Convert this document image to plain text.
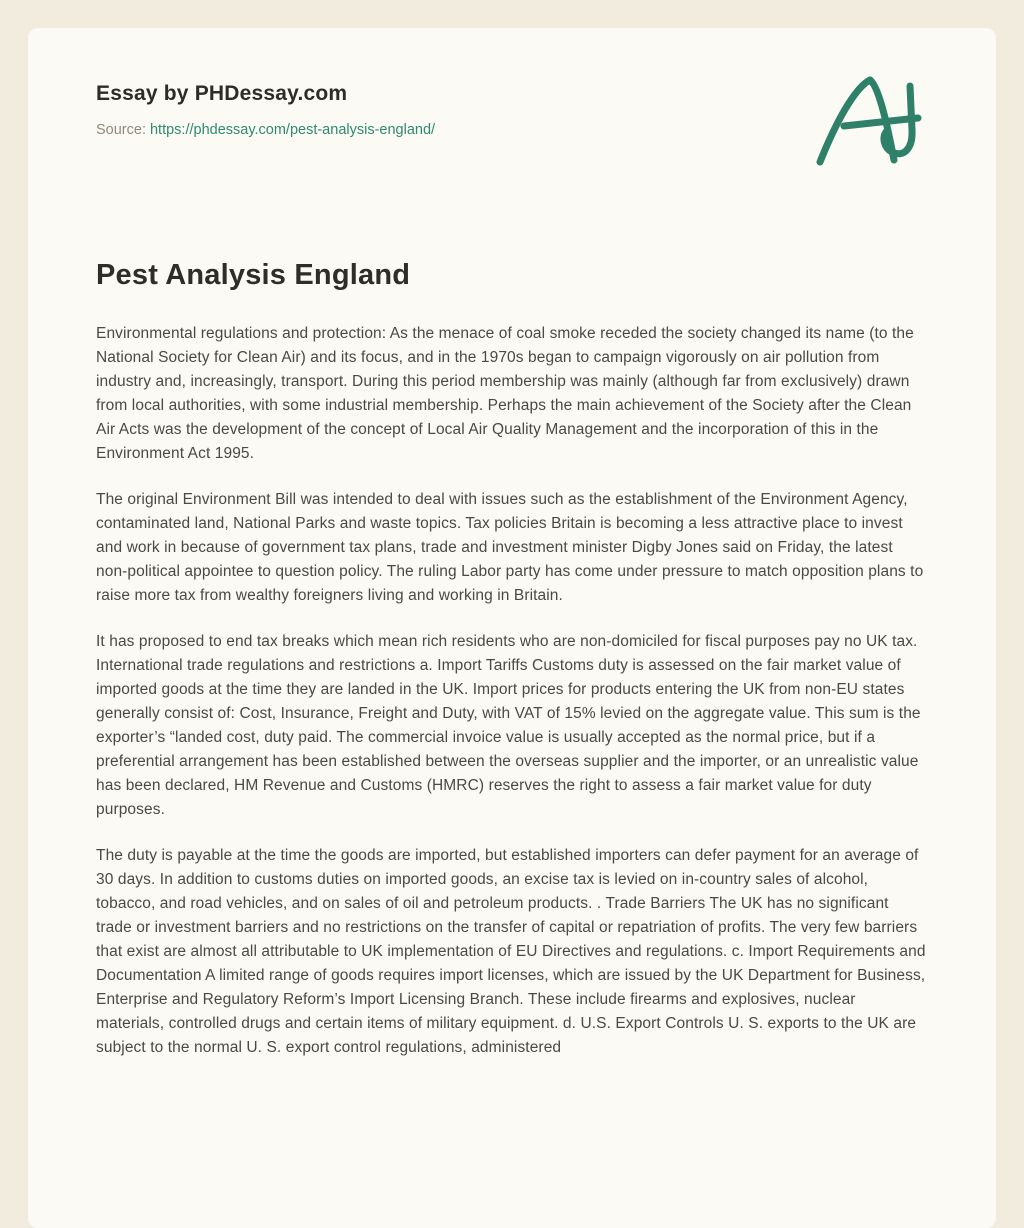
Essay by PHDessay.com
Source: https://phdessay.com/pest-analysis-england/
Pest Analysis England

Environmental regulations and protection: As the menace of coal smoke receded the society changed its name (to the National Society for Clean Air) and its focus, and in the 1970s began to campaign vigorously on air pollution from industry and, increasingly, transport. During this period membership was mainly (although far from exclusively) drawn from local authorities, with some industrial membership. Perhaps the main achievement of the Society after the Clean Air Acts was the development of the concept of Local Air Quality Management and the incorporation of this in the Environment Act 1995.

The original Environment Bill was intended to deal with issues such as the establishment of the Environment Agency, contaminated land, National Parks and waste topics. Tax policies Britain is becoming a less attractive place to invest and work in because of government tax plans, trade and investment minister Digby Jones said on Friday, the latest non-political appointee to question policy. The ruling Labor party has come under pressure to match opposition plans to raise more tax from wealthy foreigners living and working in Britain.

It has proposed to end tax breaks which mean rich residents who are non-domiciled for fiscal purposes pay no UK tax. International trade regulations and restrictions a. Import Tariffs Customs duty is assessed on the fair market value of imported goods at the time they are landed in the UK. Import prices for products entering the UK from non-EU states generally consist of: Cost, Insurance, Freight and Duty, with VAT of 15% levied on the aggregate value. This sum is the exporter’s “landed cost, duty paid. The commercial invoice value is usually accepted as the normal price, but if a preferential arrangement has been established between the overseas supplier and the importer, or an unrealistic value has been declared, HM Revenue and Customs (HMRC) reserves the right to assess a fair market value for duty purposes.

The duty is payable at the time the goods are imported, but established importers can defer payment for an average of 30 days. In addition to customs duties on imported goods, an excise tax is levied on in-country sales of alcohol, tobacco, and road vehicles, and on sales of oil and petroleum products. . Trade Barriers The UK has no significant trade or investment barriers and no restrictions on the transfer of capital or repatriation of profits. The very few barriers that exist are almost all attributable to UK implementation of EU Directives and regulations. c. Import Requirements and Documentation A limited range of goods requires import licenses, which are issued by the UK Department for Business, Enterprise and Regulatory Reform’s Import Licensing Branch. These include firearms and explosives, nuclear materials, controlled drugs and certain items of military equipment. d. U.S. Export Controls U. S. exports to the UK are subject to the normal U. S. export control regulations, administered
